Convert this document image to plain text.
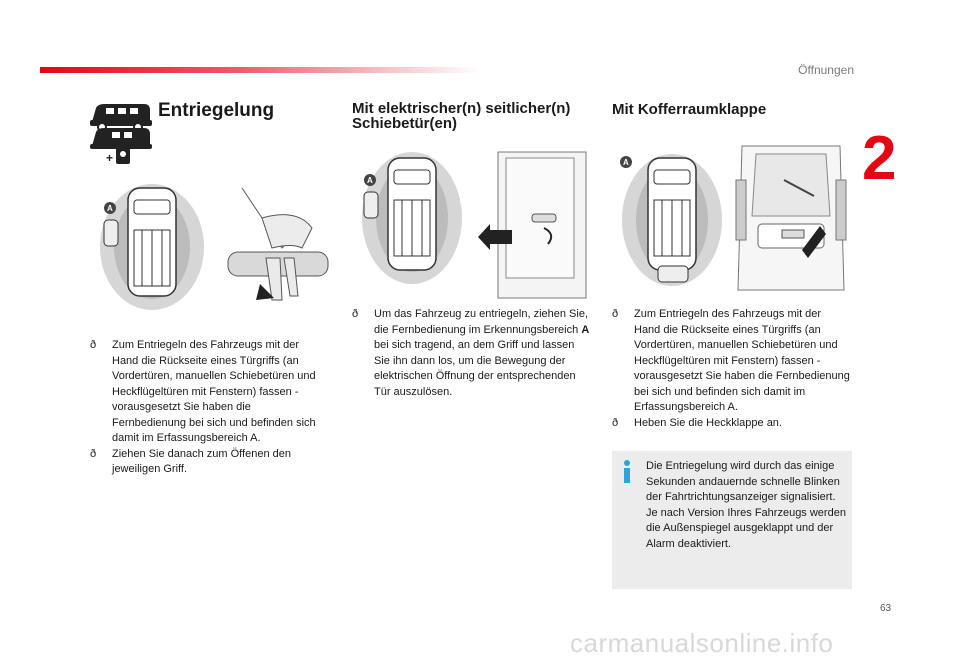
Öffnungen
2
63
+
Entriegelung	Mit elektrischer(n) seitlicher(n) Schiebetür(en)
Mit Kofferraumklappe
A
A
A
ð Zum Entriegeln des Fahrzeugs mit der Hand die Rückseite eines Türgriffs (an Vordertüren, manuellen Schiebetüren und Heckflügeltüren mit Fenstern) fassen - vorausgesetzt Sie haben die Fernbedienung bei sich und befinden sich damit im Erfassungsbereich A.
ð Ziehen Sie danach zum Öffenen den jeweiligen Griff.
ð Um das Fahrzeug zu entriegeln, ziehen Sie, die Fernbedienung im Erkennungsbereich A bei sich tragend, an dem Griff und lassen Sie ihn dann los, um die Bewegung der elektrischen Öffnung der entsprechenden Tür auszulösen.
ð Zum Entriegeln des Fahrzeugs mit der Hand die Rückseite eines Türgriffs (an Vordertüren, manuellen Schiebetüren und Heckflügeltüren mit Fenstern) fassen - vorausgesetzt Sie haben die Fernbedienung bei sich und befinden sich damit im Erfassungsbereich A.
ð Heben Sie die Heckklappe an.
Die Entriegelung wird durch das einige Sekunden andauernde schnelle Blinken der Fahrtrichtungsanzeiger signalisiert. Je nach Version Ihres Fahrzeugs werden die Außenspiegel ausgeklappt und der Alarm deaktiviert.
carmanualsonline.info
